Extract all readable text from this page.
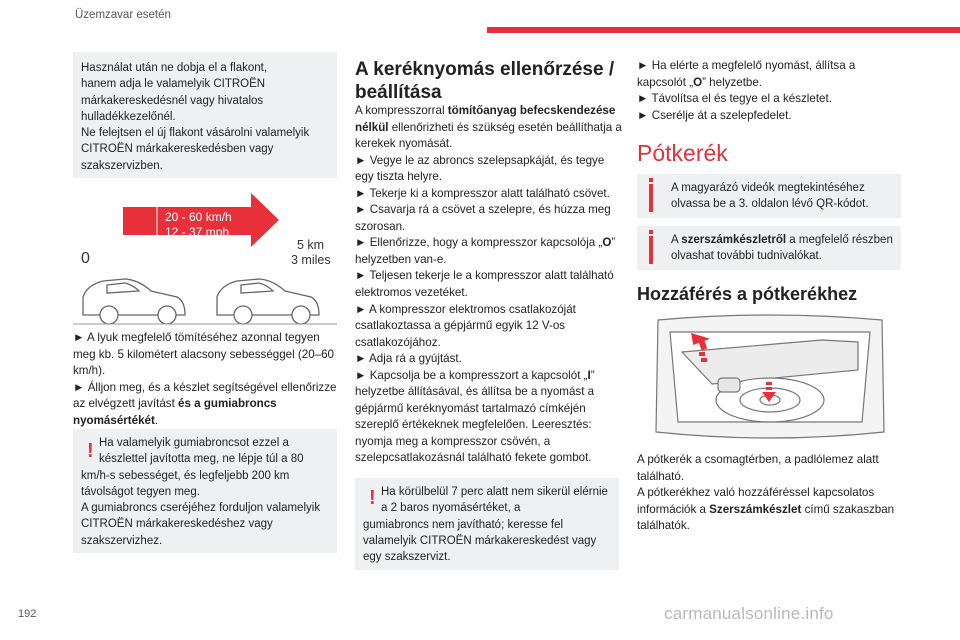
Üzemzavar esetén
Használat után ne dobja el a flakont,
hanem adja le valamelyik CITROËN
márkakereskedésnél vagy hivatalos
hulladékkezelőnél.
Ne felejtsen el új flakont vásárolni valamelyik
CITROËN márkakereskedésben vagy
szakszervizben.
20 - 60 km/h
12 - 37 mph
5 km
3 miles
0

► A lyuk megfelelő tömítéséhez azonnal tegyen meg kb. 5 kilométert alacsony sebességgel (20–60 km/h).

► Álljon meg, és a készlet segítségével ellenőrizze az elvégzett javítást és a gumiabroncs nyomásértékét.

! Ha valamelyik gumiabroncsot ezzel a készlettel javította meg, ne lépje túl a 80
km/h-s sebességet, és legfeljebb 200 km távolságot tegyen meg.
A gumiabroncs cseréjéhez forduljon valamelyik CITROËN márkakereskedéshez vagy szakszervizhez.
A keréknyomás ellenőrzése / beállítása

A kompresszorral tömítőanyag befecskendezése nélkül ellenőrizheti és szükség esetén beállíthatja a kerekek nyomását.

► Vegye le az abroncs szelepsapkáját, és tegye egy tiszta helyre.

► Tekerje ki a kompresszor alatt található csövet.

► Csavarja rá a csövet a szelepre, és húzza meg szorosan.

► Ellenőrizze, hogy a kompresszor kapcsolója „O” helyzetben van-e.

► Teljesen tekerje le a kompresszor alatt található elektromos vezetéket.

► A kompresszor elektromos csatlakozóját csatlakoztassa a gépjármű egyik 12 V-os csatlakozójához.

► Adja rá a gyújtást.

► Kapcsolja be a kompresszort a kapcsolót „I” helyzetbe állításával, és állítsa be a nyomást a gépjármű keréknyomást tartalmazó címkéjén szereplő értékeknek megfelelően. Leeresztés: nyomja meg a kompresszor csövén, a szelepcsatlakozásnál található fekete gombot.

! Ha körülbelül 7 perc alatt nem sikerül elérnie a 2 baros nyomásértéket, a
gumiabroncs nem javítható; keresse fel valamelyik CITROËN márkakereskedést vagy egy szakszervizt.

► Ha elérte a megfelelő nyomást, állítsa a kapcsolót „O” helyzetbe.

► Távolítsa el és tegye el a készletet.

► Cserélje át a szelepfedelet.

Pótkerék
A magyarázó videók megtekintéséhez olvassa be a 3. oldalon lévő QR-kódot.
A szerszámkészletről a megfelelő részben olvashat további tudnivalókat.
Hozzáférés a pótkerékhez

A pótkerék a csomagtérben, a padlólemez alatt található.

A pótkerékhez való hozzáféréssel kapcsolatos információk a Szerszámkészlet című szakaszban találhatók.

192	carmanualsonline.info
